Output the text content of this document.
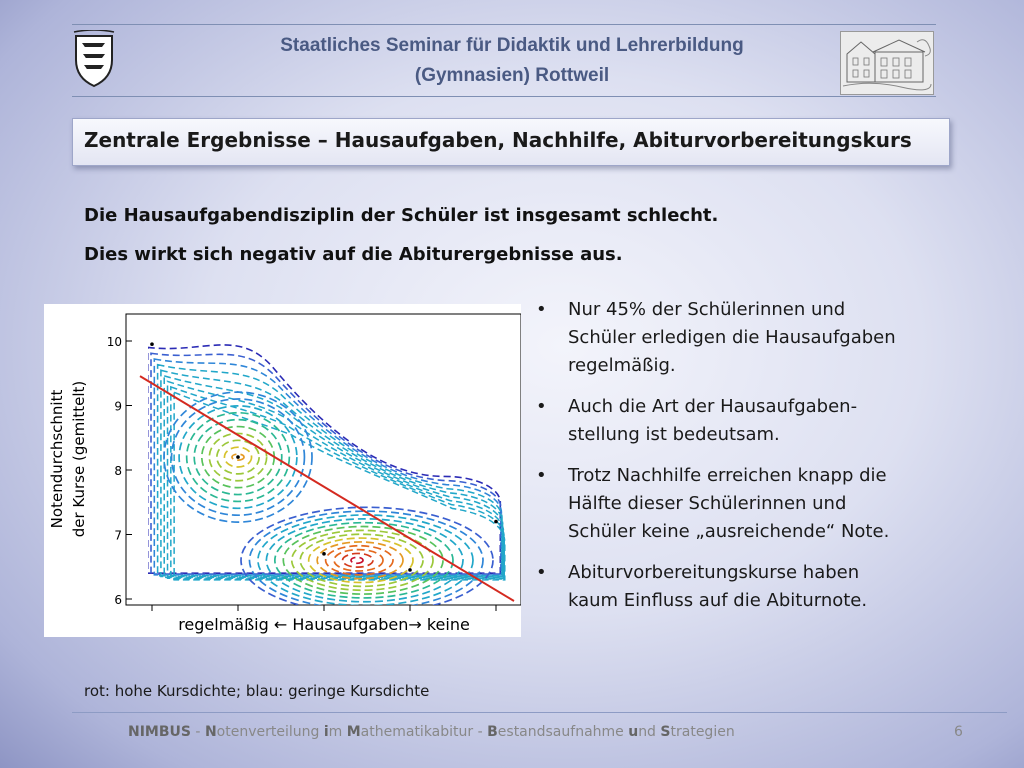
Staatliches Seminar für Didaktik und Lehrerbildung
(Gymnasien) Rottweil
Zentrale Ergebnisse – Hausaufgaben, Nachhilfe, Abiturvorbereitungskurs
Die Hausaufgabendisziplin der Schüler ist insgesamt schlecht.
Dies wirkt sich negativ auf die Abiturergebnisse aus.
10
9
8
7
6
Notendurchschnitt der Kurse (gemittelt)
regelmäßig ← Hausaufgaben→ keine
• Nur 45% der Schülerinnen und
Schüler erledigen die Hausaufgaben
regelmäßig.
• Auch die Art der Hausaufgaben-
stellung ist bedeutsam.
• Trotz Nachhilfe erreichen knapp die
Hälfte dieser Schülerinnen und
Schüler keine „ausreichende“ Note.
• Abiturvorbereitungskurse haben
kaum Einfluss auf die Abiturnote.
rot: hohe Kursdichte; blau: geringe Kursdichte
NIMBUS - Notenverteilung im Mathematikabitur - Bestandsaufnahme und Strategien	6
